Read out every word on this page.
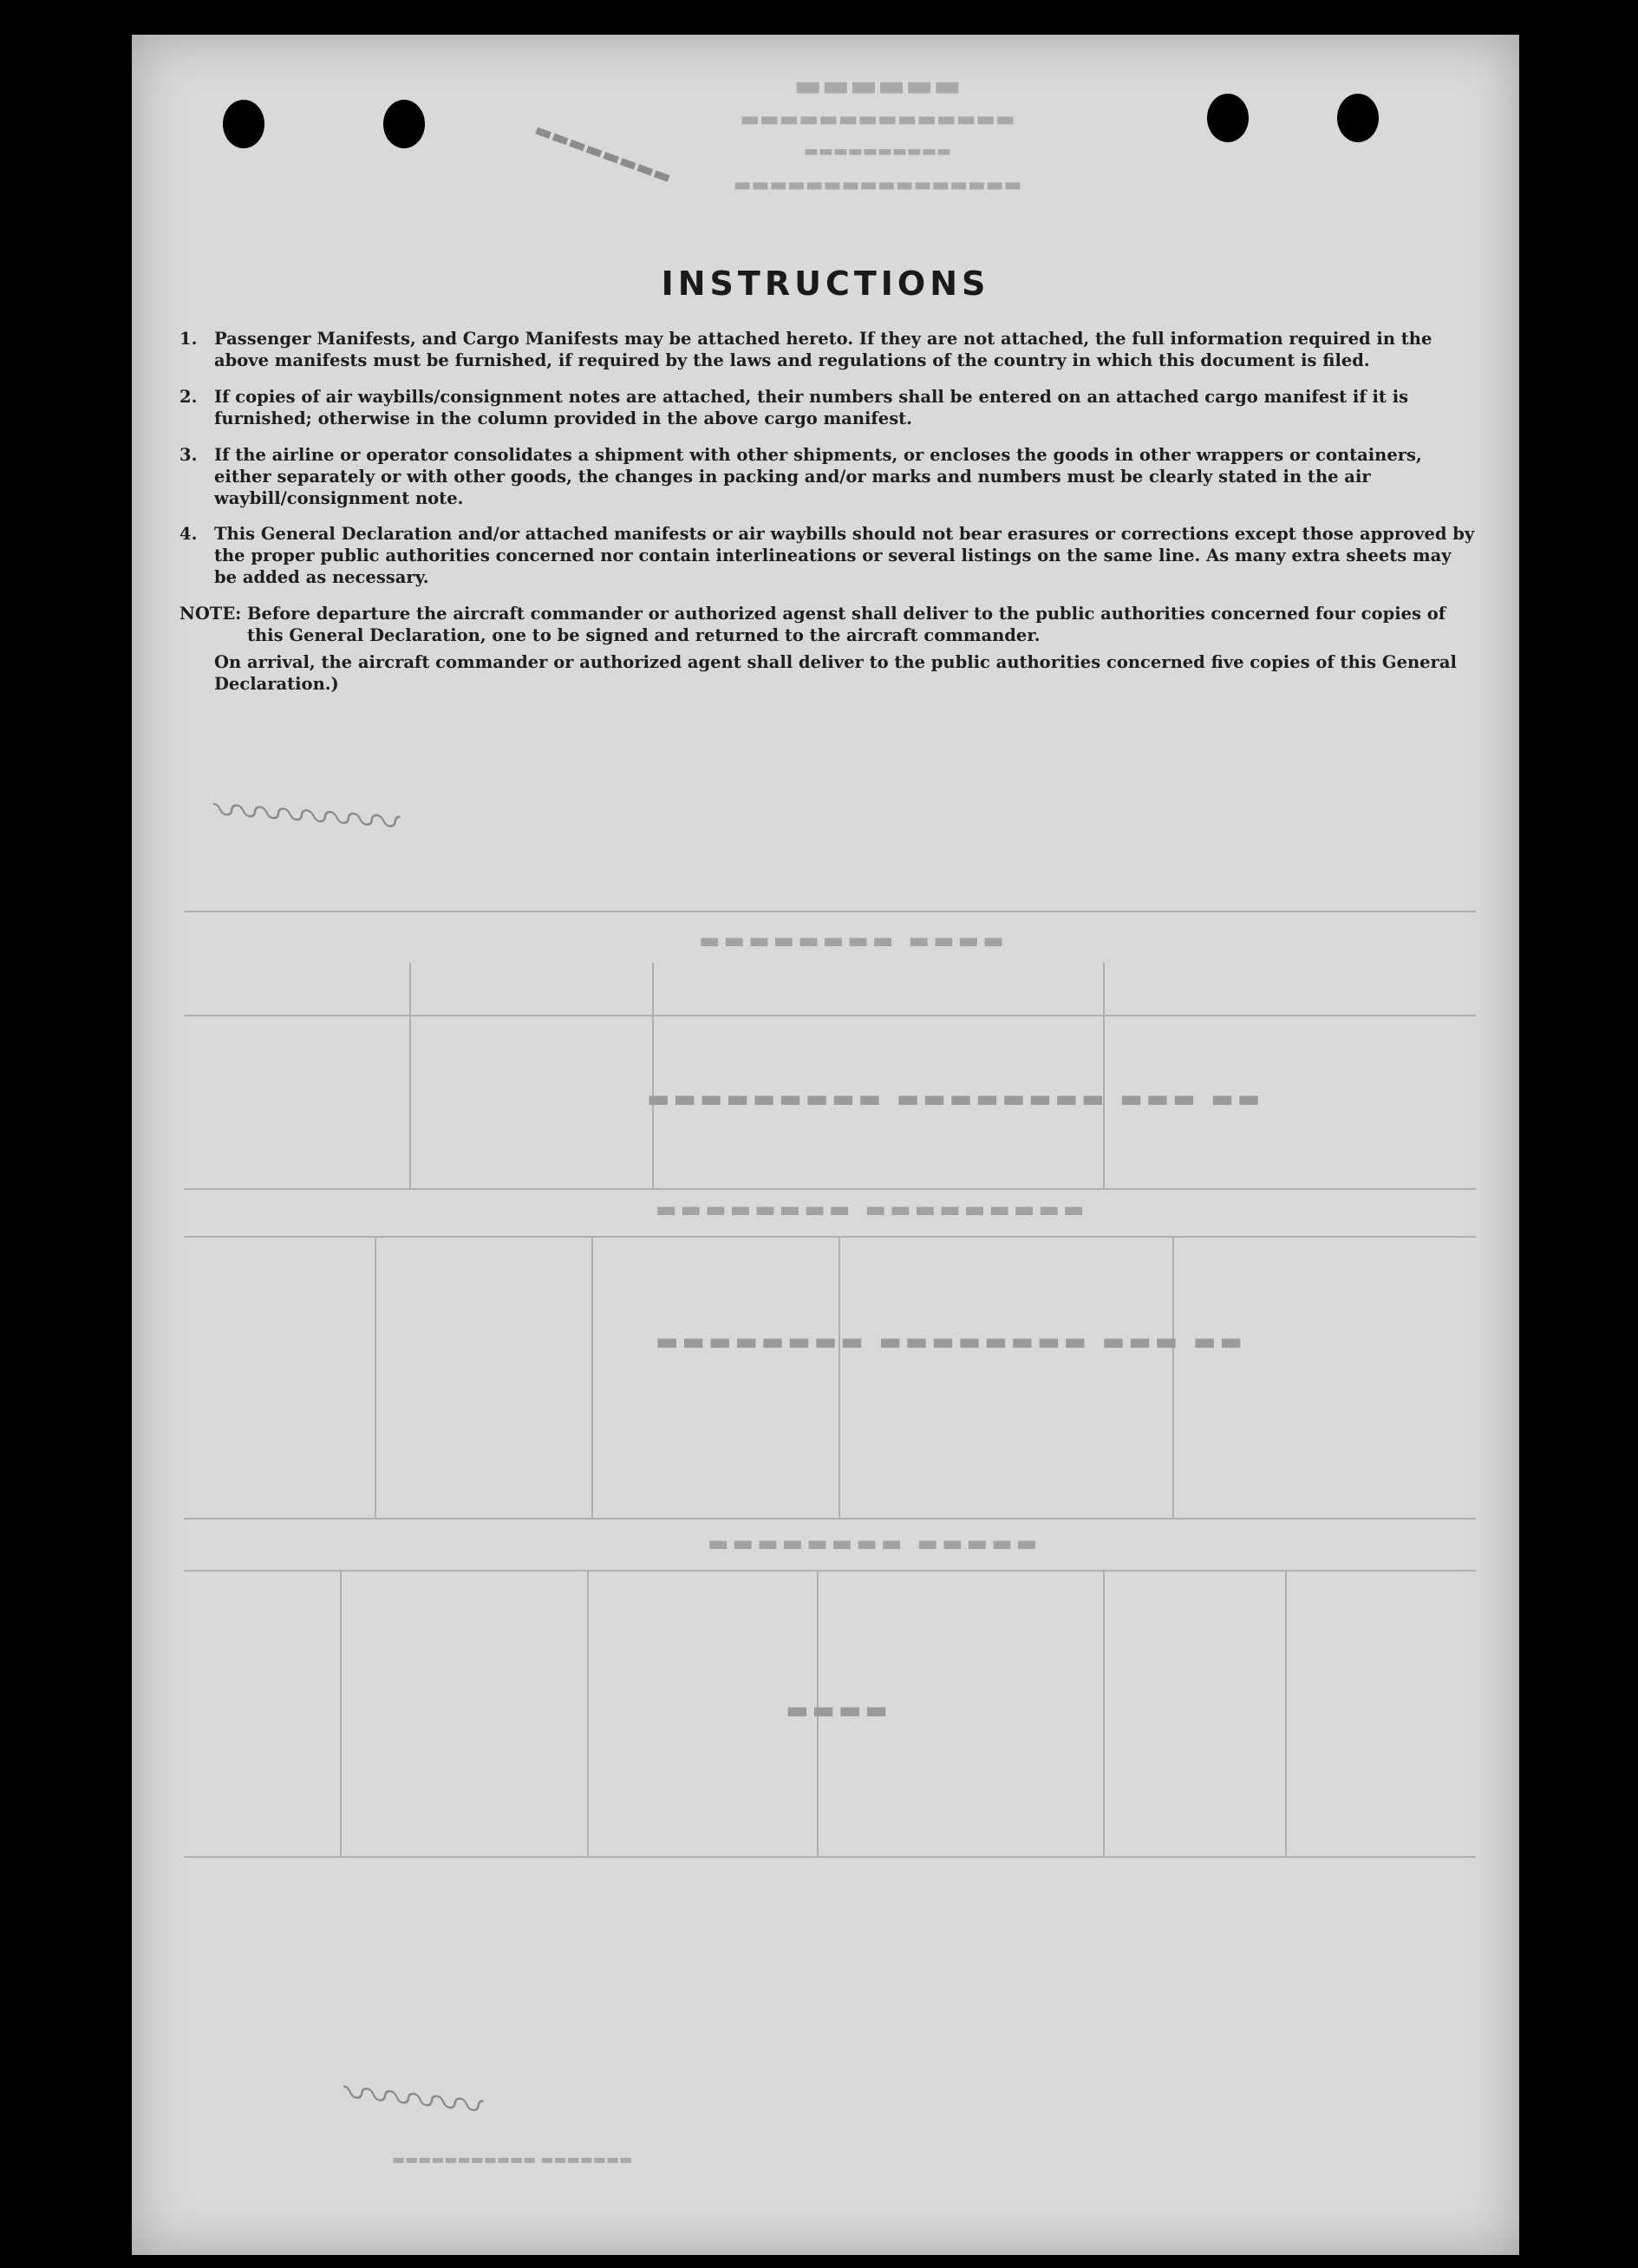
▬▬▬▬▬▬
▬▬▬▬▬▬▬▬▬▬▬▬▬▬
▬▬▬▬▬▬▬▬▬▬
▬▬▬▬▬▬▬▬▬▬▬▬▬▬▬▬
▬▬▬▬▬▬▬▬
▬▬▬▬ ▬▬▬▬▬▬▬▬
▬▬▬▬▬▬▬▬▬ ▬▬▬▬▬▬▬▬
▬▬▬▬▬ ▬▬▬▬▬▬▬▬
▬▬ ▬▬▬ ▬▬▬▬▬▬▬▬ ▬▬▬▬▬▬▬▬▬
▬▬ ▬▬▬ ▬▬▬▬▬▬▬▬ ▬▬▬▬▬▬▬▬
▬▬▬▬
〰〰〰〰
〰〰〰
▬▬▬▬▬▬▬ ▬▬▬▬▬▬▬▬▬▬▬
INSTRUCTIONS
1.	Passenger Manifests, and Cargo Manifests may be attached hereto. If they are not attached, the full information required in the above manifests must be furnished, if required by the laws and regulations of the country in which this document is filed.
2.	If copies of air waybills/consignment notes are attached, their numbers shall be entered on an attached cargo manifest if it is furnished; otherwise in the column provided in the above cargo manifest.
3.	If the airline or operator consolidates a shipment with other shipments, or encloses the goods in other wrappers or containers, either separately or with other goods, the changes in packing and/or marks and numbers must be clearly stated in the air waybill/consignment note.
4.	This General Declaration and/or attached manifests or air waybills should not bear erasures or corrections except those approved by the proper public authorities concerned nor contain interlineations or several listings on the same line. As many extra sheets may be added as necessary.
NOTE: Before departure the aircraft commander or authorized agenst shall deliver to the public authorities concerned four copies of this General Declaration, one to be signed and returned to the aircraft commander.
On arrival, the aircraft commander or authorized agent shall deliver to the public authorities concerned five copies of this General Declaration.)
